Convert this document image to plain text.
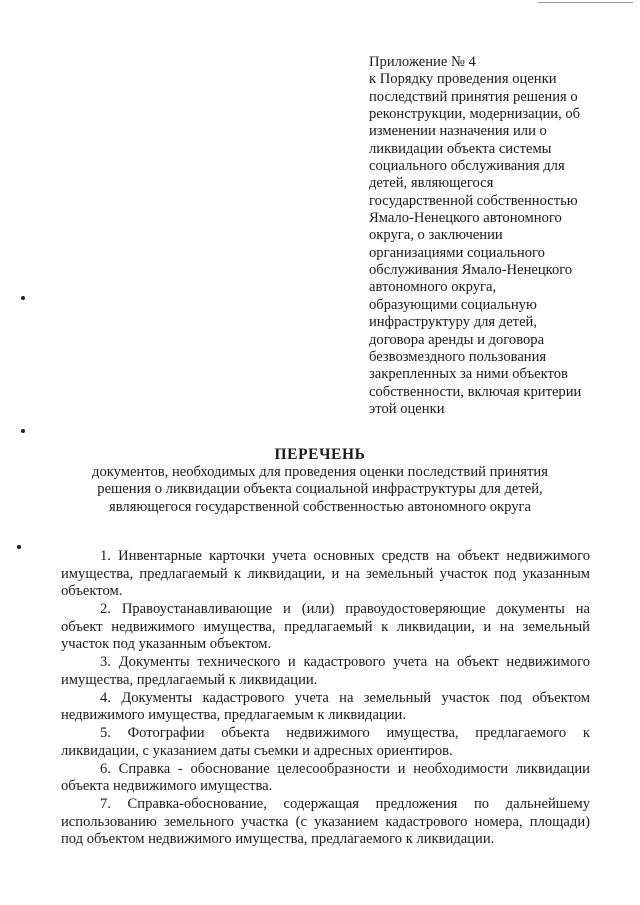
Приложение № 4
к Порядку проведения оценки
последствий принятия решения о
реконструкции, модернизации, об
изменении назначения или о
ликвидации объекта системы
социального обслуживания для
детей, являющегося
государственной собственностью
Ямало-Ненецкого автономного
округа, о заключении
организациями социального
обслуживания Ямало-Ненецкого
автономного округа,
образующими социальную
инфраструктуру для детей,
договора аренды и договора
безвозмездного пользования
закрепленных за ними объектов
собственности, включая критерии
этой оценки
ПЕРЕЧЕНЬ
документов, необходимых для проведения оценки последствий принятия
решения о ликвидации объекта социальной инфраструктуры для детей,
являющегося государственной собственностью автономного округа

1. Инвентарные карточки учета основных средств на объект недвижимого имущества, предлагаемый к ликвидации, и на земельный участок под указанным объектом.

2. Правоустанавливающие и (или) правоудостоверяющие документы на объект недвижимого имущества, предлагаемый к ликвидации, и на земельный участок под указанным объектом.

3. Документы технического и кадастрового учета на объект недвижимого имущества, предлагаемый к ликвидации.

4. Документы кадастрового учета на земельный участок под объектом недвижимого имущества, предлагаемым к ликвидации.

5. Фотографии объекта недвижимого имущества, предлагаемого к ликвидации, с указанием даты съемки и адресных ориентиров.

6. Справка - обоснование целесообразности и необходимости ликвидации объекта недвижимого имущества.

7. Справка-обоснование, содержащая предложения по дальнейшему использованию земельного участка (с указанием кадастрового номера, площади) под объектом недвижимого имущества, предлагаемого к ликвидации.
